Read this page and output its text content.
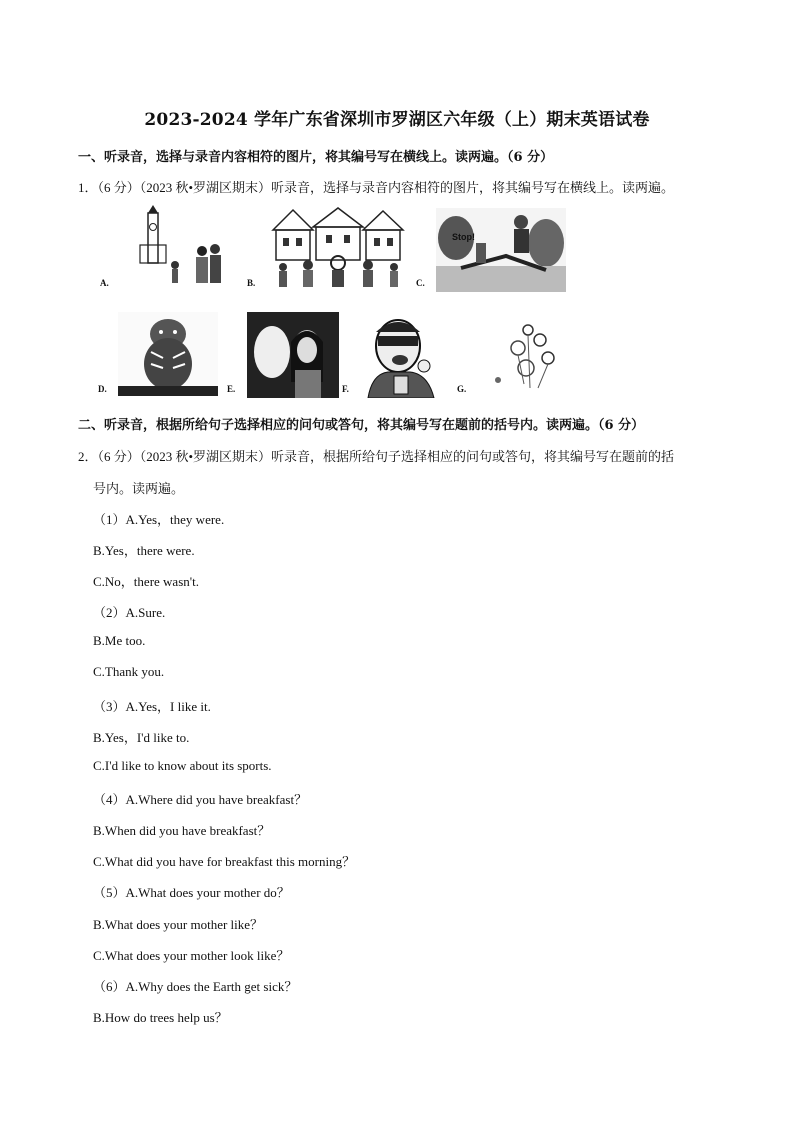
2023-2024 学年广东省深圳市罗湖区六年级（上）期末英语试卷
一、听录音，选择与录音内容相符的图片，将其编号写在横线上。读两遍。（6 分）
1．（6 分）（2023 秋•罗湖区期末）听录音，选择与录音内容相符的图片，将其编号写在横线上。读两遍。
A.	B.
Stop!
C.
D.	E.	F.	G.
二、听录音，根据所给句子选择相应的问句或答句，将其编号写在题前的括号内。读两遍。（6 分）
2．（6 分）（2023 秋•罗湖区期末）听录音，根据所给句子选择相应的问句或答句，将其编号写在题前的括
号内。读两遍。
（1）A.Yes，they were.
B.Yes，there were.
C.No，there wasn't.
（2）A.Sure.
B.Me too.
C.Thank you.
（3）A.Yes，I like it.
B.Yes，I'd like to.
C.I'd like to know about its sports.
（4）A.Where did you have breakfast？
B.When did you have breakfast？
C.What did you have for breakfast this morning？
（5）A.What does your mother do？
B.What does your mother like？
C.What does your mother look like？
（6）A.Why does the Earth get sick？
B.How do trees help us？
